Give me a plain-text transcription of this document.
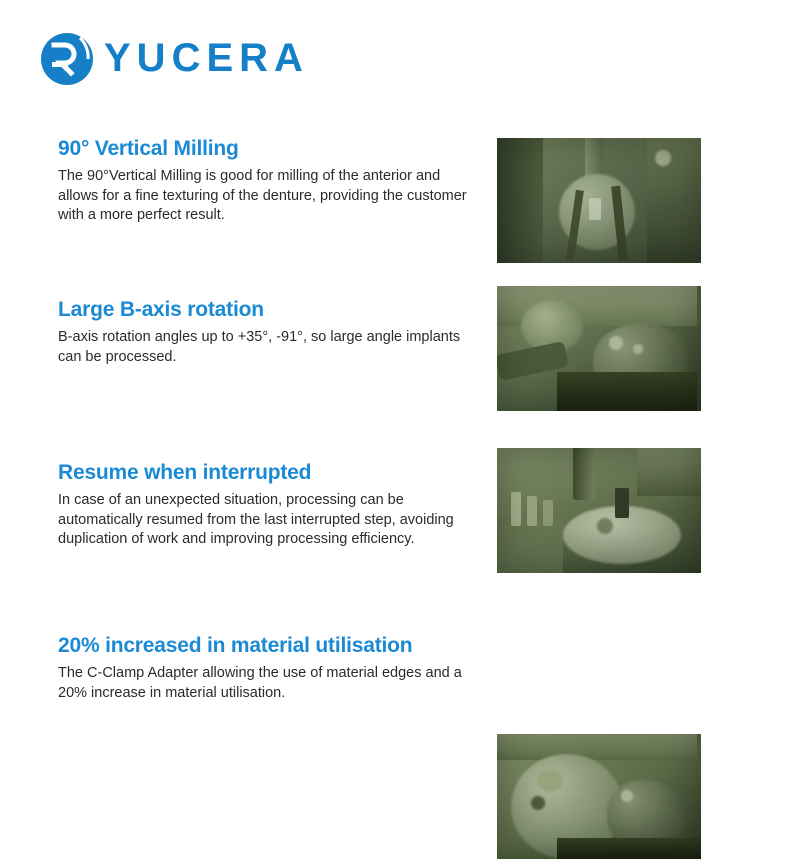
YUCERA
90° Vertical Milling

The 90°Vertical Milling is good for milling of the anterior and allows for a fine texturing of the denture, providing the customer with a more perfect result.

Large B-axis rotation

B-axis rotation angles up to +35°, -91°, so large angle implants can be processed.

Resume when interrupted

In case of an unexpected situation, processing can be automatically resumed from the last interrupted step, avoiding duplication of work and improving processing efficiency.

20% increased in material utilisation

The C-Clamp Adapter allowing the use of material edges and a 20% increase in material utilisation.
